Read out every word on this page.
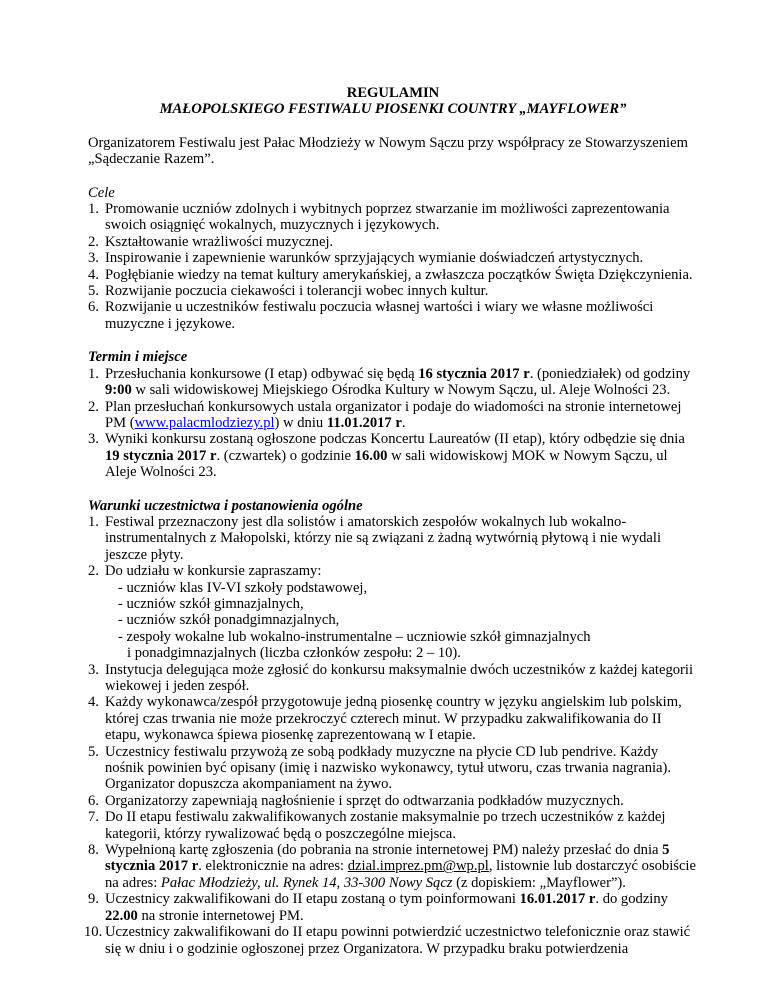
REGULAMIN

MAŁOPOLSKIEGO FESTIWALU PIOSENKI COUNTRY „MAYFLOWER”

Organizatorem Festiwalu jest Pałac Młodzieży w Nowym Sączu przy współpracy ze Stowarzyszeniem „Sądeczanie Razem”.

Cele

1. Promowanie uczniów zdolnych i wybitnych poprzez stwarzanie im możliwości zaprezentowania swoich osiągnięć wokalnych, muzycznych i językowych.
2. Kształtowanie wrażliwości muzycznej.
3. Inspirowanie i zapewnienie warunków sprzyjających wymianie doświadczeń artystycznych.
4. Pogłębianie wiedzy na temat kultury amerykańskiej, a zwłaszcza początków Święta Dziękczynienia.
5. Rozwijanie poczucia ciekawości i tolerancji wobec innych kultur.
6. Rozwijanie u uczestników festiwalu poczucia własnej wartości i wiary we własne możliwości muzyczne i językowe.

Termin i miejsce

1. Przesłuchania konkursowe (I etap) odbywać się będą 16 stycznia 2017 r. (poniedziałek) od godziny 9:00 w sali widowiskowej Miejskiego Ośrodka Kultury w Nowym Sączu, ul. Aleje Wolności 23.
2. Plan przesłuchań konkursowych ustala organizator i podaje do wiadomości na stronie internetowej PM (www.palacmlodziezy.pl) w dniu 11.01.2017 r.
3. Wyniki konkursu zostaną ogłoszone podczas Koncertu Laureatów (II etap), który odbędzie się dnia 19 stycznia 2017 r. (czwartek) o godzinie 16.00 w sali widowiskowj MOK w Nowym Sączu, ul Aleje Wolności 23.

Warunki uczestnictwa i postanowienia ogólne

1. Festiwal przeznaczony jest dla solistów i amatorskich zespołów wokalnych lub wokalno-instrumentalnych z Małopolski, którzy nie są związani z żadną wytwórnią płytową i nie wydali jeszcze płyty.
2. Do udziału w konkursie zapraszamy:
- uczniów klas IV-VI szkoły podstawowej,
- uczniów szkół gimnazjalnych,
- uczniów szkół ponadgimnazjalnych,
- zespoły wokalne lub wokalno-instrumentalne – uczniowie szkół gimnazjalnych
i ponadgimnazjalnych (liczba członków zespołu: 2 – 10).
3. Instytucja delegująca może zgłosić do konkursu maksymalnie dwóch uczestników z każdej kategorii wiekowej i jeden zespół.
4. Każdy wykonawca/zespół przygotowuje jedną piosenkę country w języku angielskim lub polskim, której czas trwania nie może przekroczyć czterech minut. W przypadku zakwalifikowania do II etapu, wykonawca śpiewa piosenkę zaprezentowaną w I etapie.
5. Uczestnicy festiwalu przywożą ze sobą podkłady muzyczne na płycie CD lub pendrive. Każdy nośnik powinien być opisany (imię i nazwisko wykonawcy, tytuł utworu, czas trwania nagrania). Organizator dopuszcza akompaniament na żywo.
6. Organizatorzy zapewniają nagłośnienie i sprzęt do odtwarzania podkładów muzycznych.
7. Do II etapu festiwalu zakwalifikowanych zostanie maksymalnie po trzech uczestników z każdej kategorii, którzy rywalizować będą o poszczególne miejsca.
8. Wypełnioną kartę zgłoszenia (do pobrania na stronie internetowej PM) należy przesłać do dnia 5 stycznia 2017 r. elektronicznie na adres: dzial.imprez.pm@wp.pl, listownie lub dostarczyć osobiście na adres: Pałac Młodzieży, ul. Rynek 14, 33-300 Nowy Sącz (z dopiskiem: „Mayflower”).
9. Uczestnicy zakwalifikowani do II etapu zostaną o tym poinformowani 16.01.2017 r. do godziny 22.00 na stronie internetowej PM.
10. Uczestnicy zakwalifikowani do II etapu powinni potwierdzić uczestnictwo telefonicznie oraz stawić się w dniu i o godzinie ogłoszonej przez Organizatora. W przypadku braku potwierdzenia
